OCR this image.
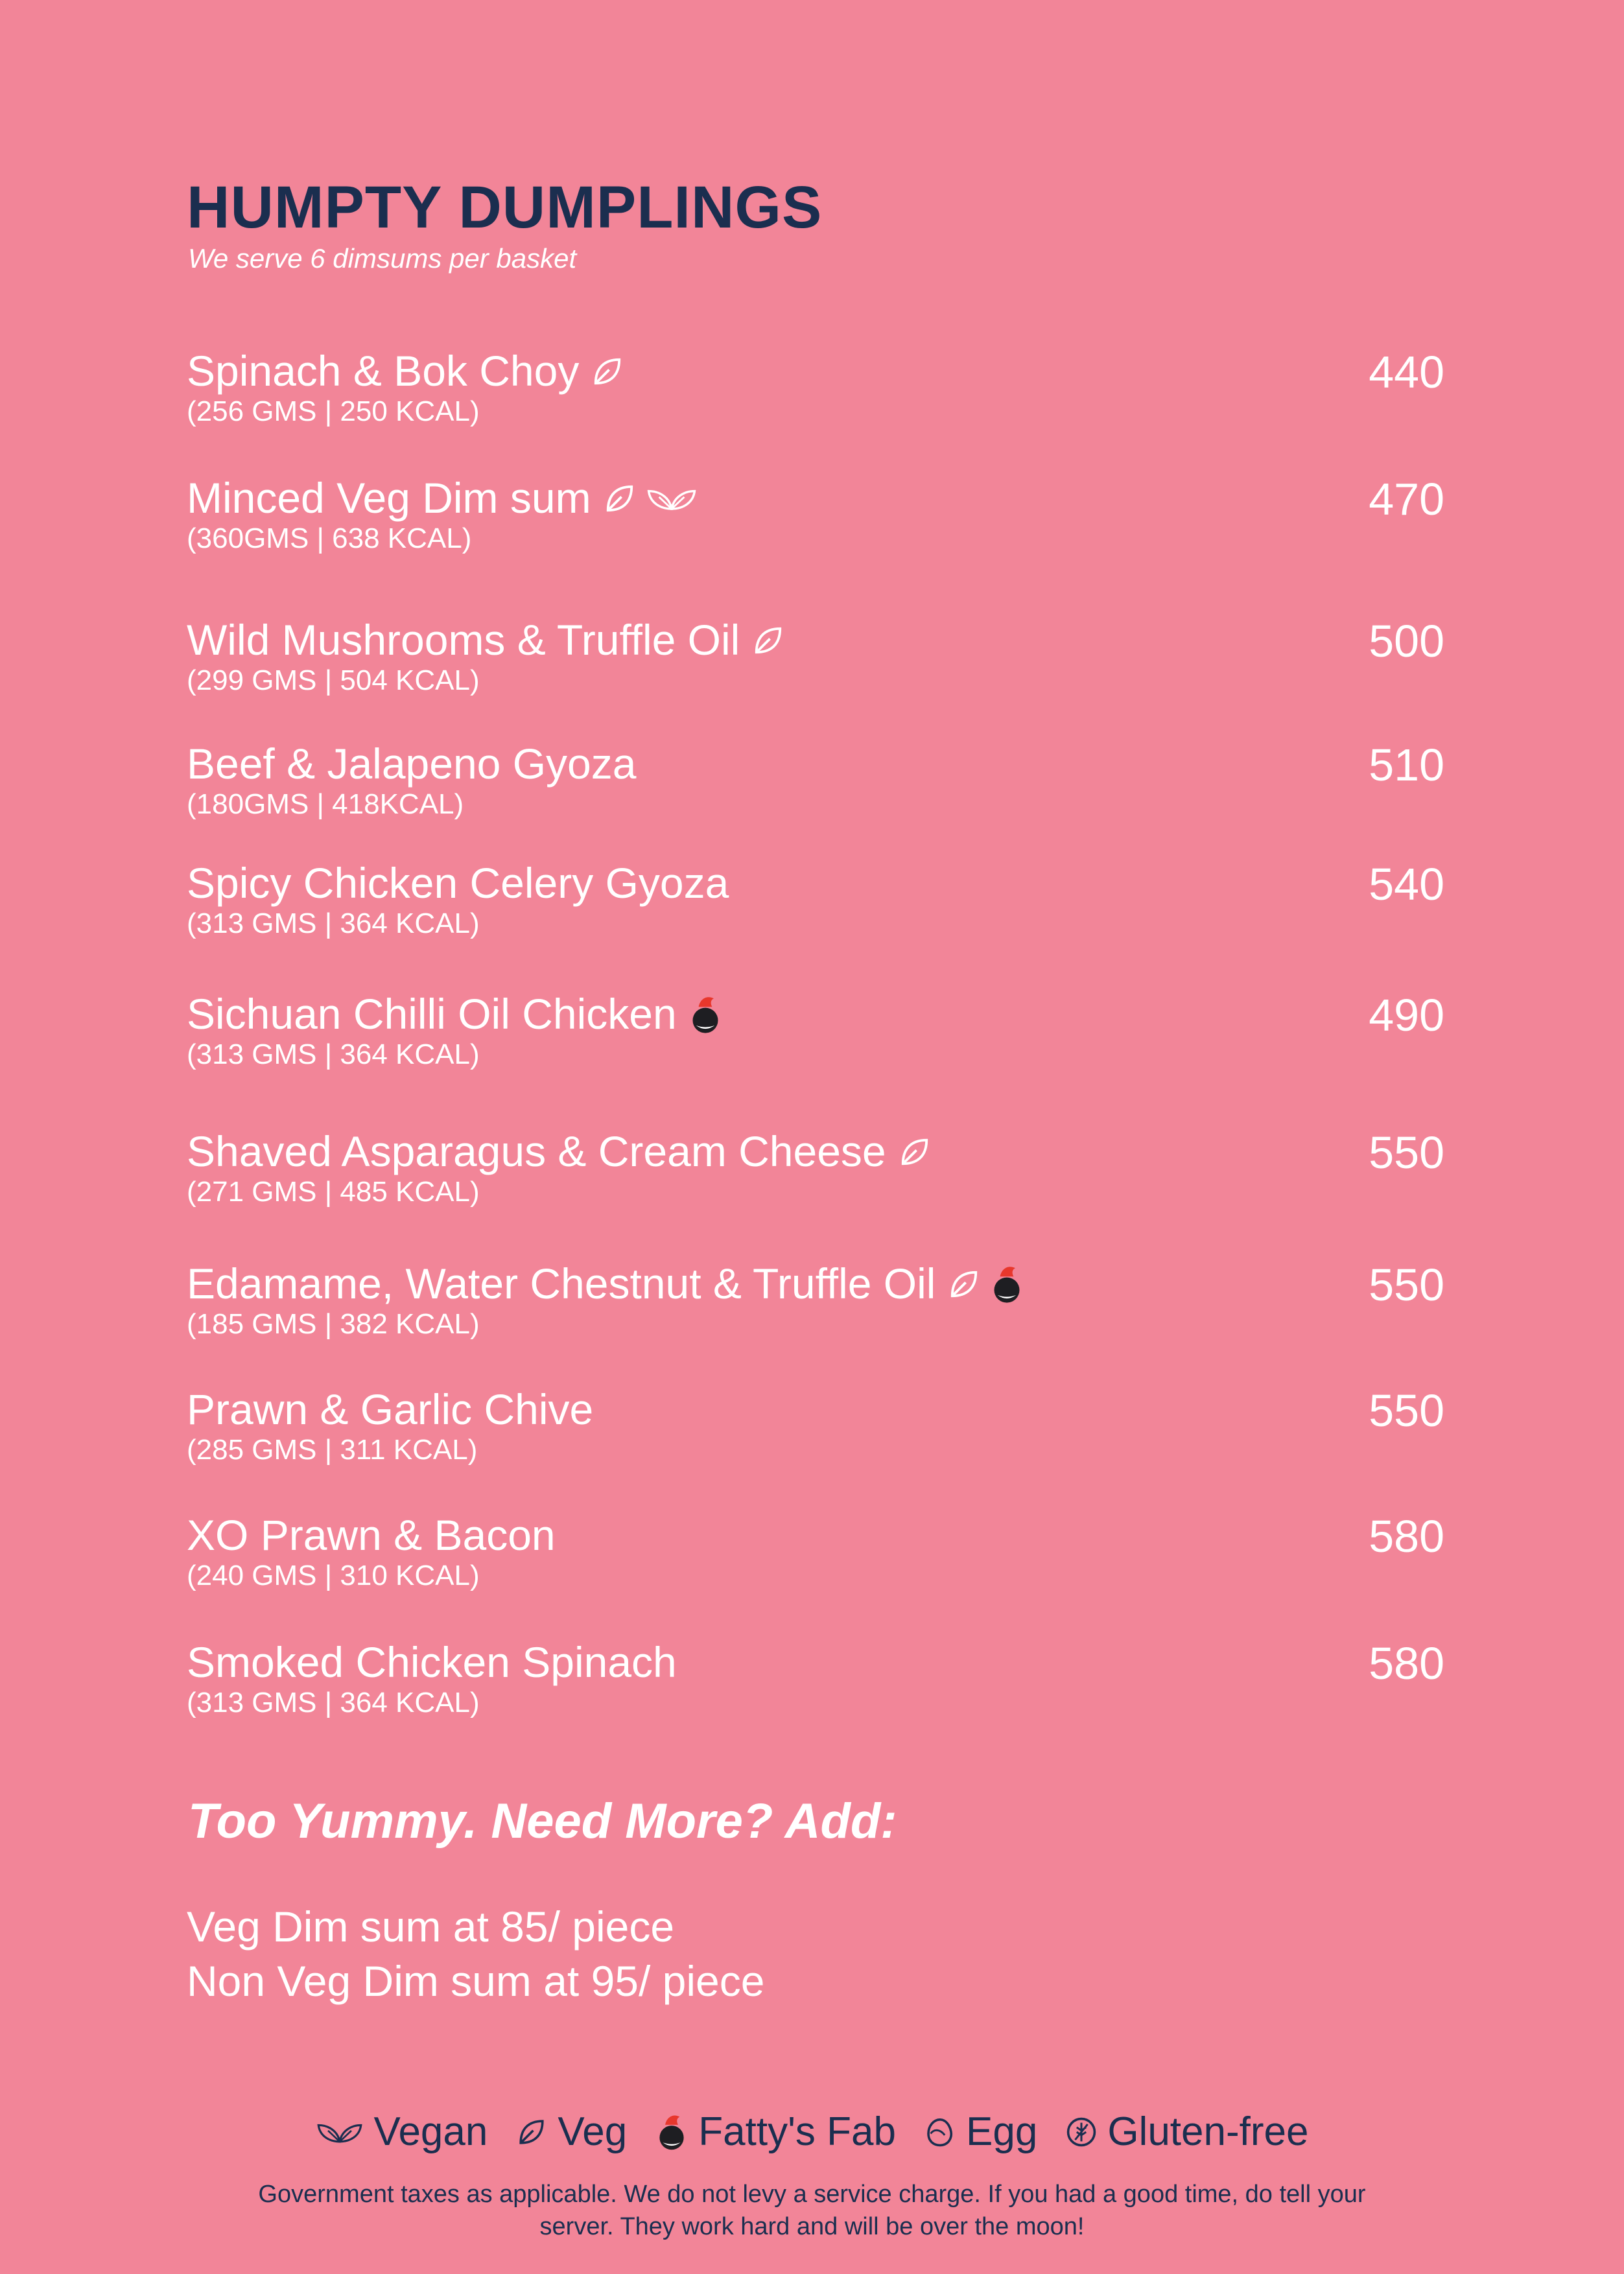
HUMPTY DUMPLINGS
We serve 6 dimsums per basket
Spinach & Bok Choy
(256 GMS | 250 KCAL)
440
Minced Veg Dim sum
(360GMS | 638 KCAL)
470
Wild Mushrooms & Truffle Oil
(299 GMS | 504 KCAL)
500
Beef & Jalapeno Gyoza
(180GMS | 418KCAL)
510
Spicy Chicken Celery Gyoza
(313 GMS | 364 KCAL)
540
Sichuan Chilli Oil Chicken
(313 GMS | 364 KCAL)
490
Shaved Asparagus & Cream Cheese
(271 GMS | 485 KCAL)
550
Edamame, Water Chestnut & Truffle Oil
(185 GMS | 382 KCAL)
550
Prawn & Garlic Chive
(285 GMS | 311 KCAL)
550
XO Prawn & Bacon
(240 GMS | 310 KCAL)
580
Smoked Chicken Spinach
(313 GMS | 364 KCAL)
580
Too Yummy. Need More? Add:
Veg Dim sum at 85/ piece
Non Veg Dim sum at 95/ piece
Vegan Veg Fatty's Fab Egg Gluten-free
Government taxes as applicable. We do not levy a service charge. If you had a good time, do tell your
server. They work hard and will be over the moon!
